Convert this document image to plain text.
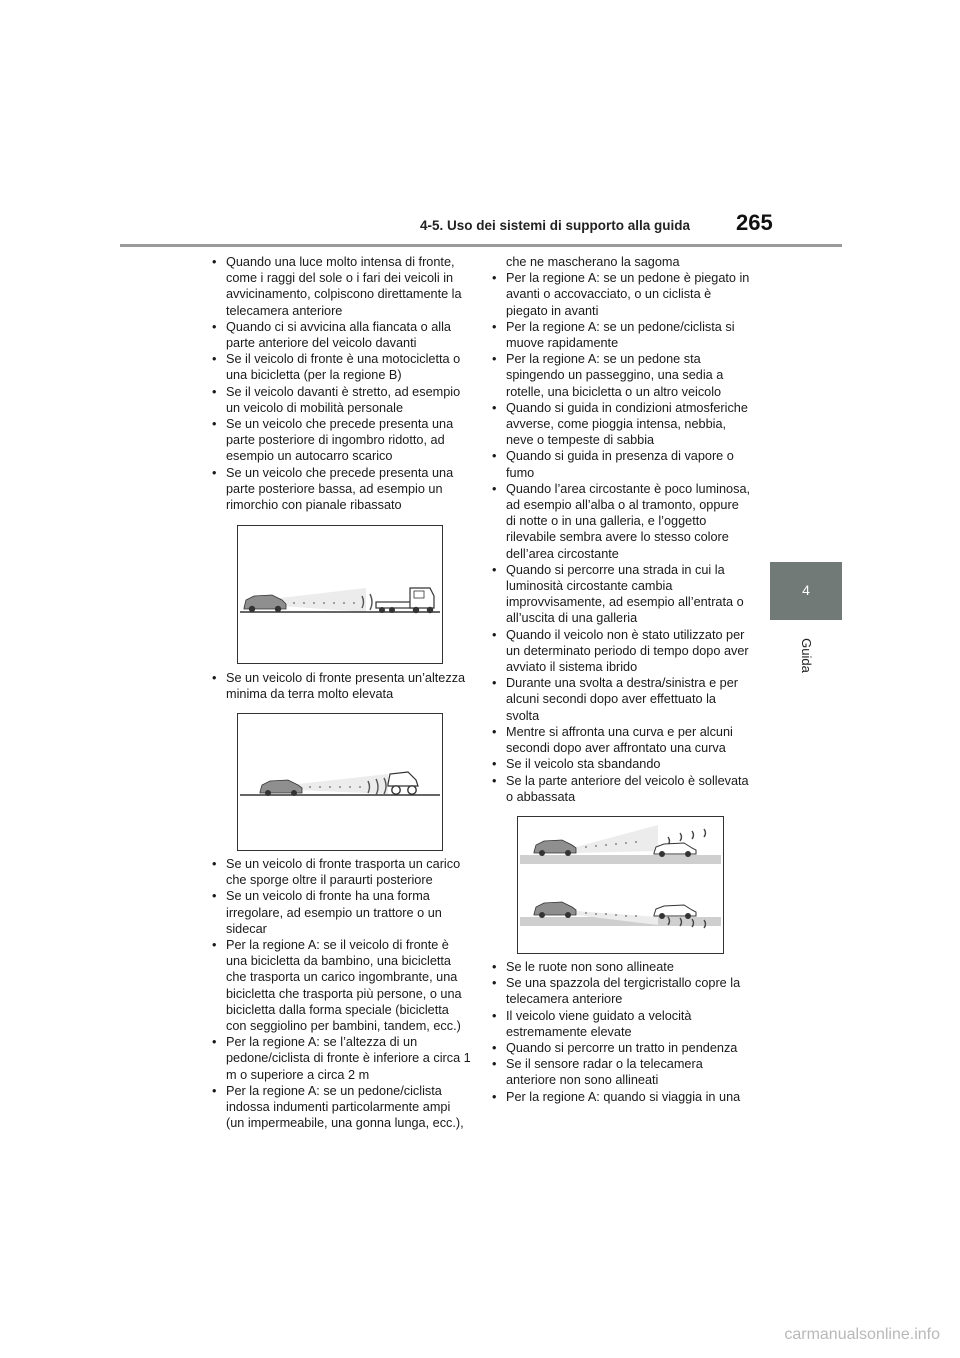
4-5. Uso dei sistemi di supporto alla guida 265
4
Guida
• Quando una luce molto intensa di fronte, come i raggi del sole o i fari dei veicoli in avvicinamento, colpiscono direttamente la telecamera anteriore
• Quando ci si avvicina alla fiancata o alla parte anteriore del veicolo davanti
• Se il veicolo di fronte è una motocicletta o una bicicletta (per la regione B)
• Se il veicolo davanti è stretto, ad esempio un veicolo di mobilità personale
• Se un veicolo che precede presenta una parte posteriore di ingombro ridotto, ad esempio un autocarro scarico
• Se un veicolo che precede presenta una parte posteriore bassa, ad esempio un rimorchio con pianale ribassato
• Se un veicolo di fronte presenta un’altezza minima da terra molto elevata
• Se un veicolo di fronte trasporta un carico che sporge oltre il paraurti posteriore
• Se un veicolo di fronte ha una forma irregolare, ad esempio un trattore o un sidecar
• Per la regione A: se il veicolo di fronte è una bicicletta da bambino, una bicicletta che trasporta un carico ingombrante, una bicicletta che trasporta più persone, o una bicicletta dalla forma speciale (bicicletta con seggiolino per bambini, tandem, ecc.)
• Per la regione A: se l’altezza di un pedone/ciclista di fronte è inferiore a circa 1 m o superiore a circa 2 m
• Per la regione A: se un pedone/ciclista indossa indumenti particolarmente ampi (un impermeabile, una gonna lunga, ecc.),
che ne mascherano la sagoma
• Per la regione A: se un pedone è piegato in avanti o accovacciato, o un ciclista è piegato in avanti
• Per la regione A: se un pedone/ciclista si muove rapidamente
• Per la regione A: se un pedone sta spingendo un passeggino, una sedia a rotelle, una bicicletta o un altro veicolo
• Quando si guida in condizioni atmosferiche avverse, come pioggia intensa, nebbia, neve o tempeste di sabbia
• Quando si guida in presenza di vapore o fumo
• Quando l’area circostante è poco luminosa, ad esempio all’alba o al tramonto, oppure di notte o in una galleria, e l’oggetto rilevabile sembra avere lo stesso colore dell’area circostante
• Quando si percorre una strada in cui la luminosità circostante cambia improvvisamente, ad esempio all’entrata o all’uscita di una galleria
• Quando il veicolo non è stato utilizzato per un determinato periodo di tempo dopo aver avviato il sistema ibrido
• Durante una svolta a destra/sinistra e per alcuni secondi dopo aver effettuato la svolta
• Mentre si affronta una curva e per alcuni secondi dopo aver affrontato una curva
• Se il veicolo sta sbandando
• Se la parte anteriore del veicolo è sollevata o abbassata
• Se le ruote non sono allineate
• Se una spazzola del tergicristallo copre la telecamera anteriore
• Il veicolo viene guidato a velocità estremamente elevate
• Quando si percorre un tratto in pendenza
• Se il sensore radar o la telecamera anteriore non sono allineati
• Per la regione A: quando si viaggia in una
carmanualsonline.info
